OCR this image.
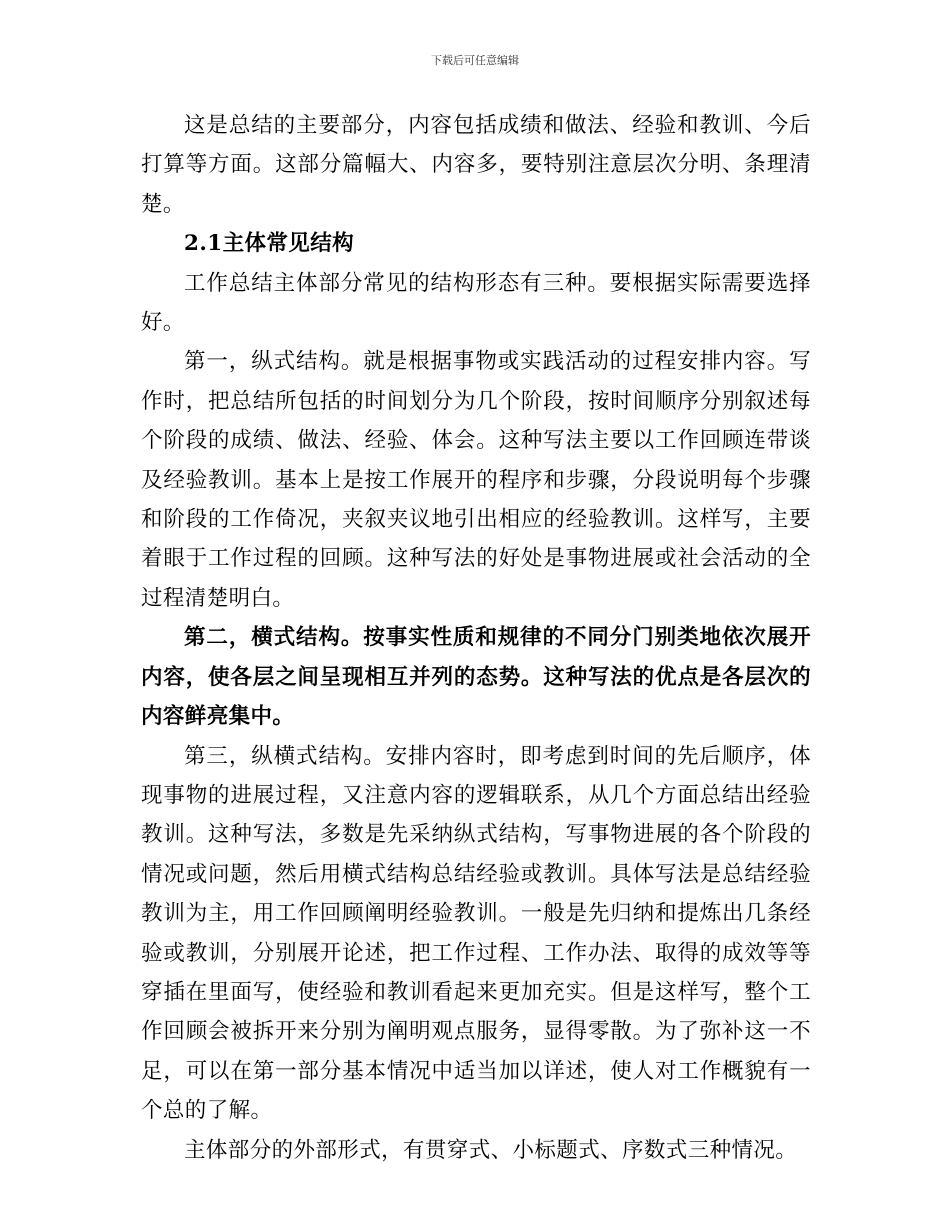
下载后可任意编辑

这是总结的主要部分，内容包括成绩和做法、经验和教训、今后打算等方面。这部分篇幅大、内容多，要特别注意层次分明、条理清楚。

2.1主体常见结构

工作总结主体部分常见的结构形态有三种。要根据实际需要选择好。

第一，纵式结构。就是根据事物或实践活动的过程安排内容。写作时，把总结所包括的时间划分为几个阶段，按时间顺序分别叙述每个阶段的成绩、做法、经验、体会。这种写法主要以工作回顾连带谈及经验教训。基本上是按工作展开的程序和步骤，分段说明每个步骤和阶段的工作倚况，夹叙夹议地引出相应的经验教训。这样写，主要着眼于工作过程的回顾。这种写法的好处是事物进展或社会活动的全过程清楚明白。

第二，横式结构。按事实性质和规律的不同分门别类地依次展开内容，使各层之间呈现相互并列的态势。这种写法的优点是各层次的内容鲜亮集中。

第三，纵横式结构。安排内容时，即考虑到时间的先后顺序，体现事物的进展过程，又注意内容的逻辑联系，从几个方面总结出经验教训。这种写法，多数是先采纳纵式结构，写事物进展的各个阶段的情况或问题，然后用横式结构总结经验或教训。具体写法是总结经验教训为主，用工作回顾阐明经验教训。一般是先归纳和提炼出几条经验或教训，分别展开论述，把工作过程、工作办法、取得的成效等等穿插在里面写，使经验和教训看起来更加充实。但是这样写，整个工作回顾会被拆开来分别为阐明观点服务，显得零散。为了弥补这一不足，可以在第一部分基本情况中适当加以详述，使人对工作概貌有一个总的了解。

主体部分的外部形式，有贯穿式、小标题式、序数式三种情况。
